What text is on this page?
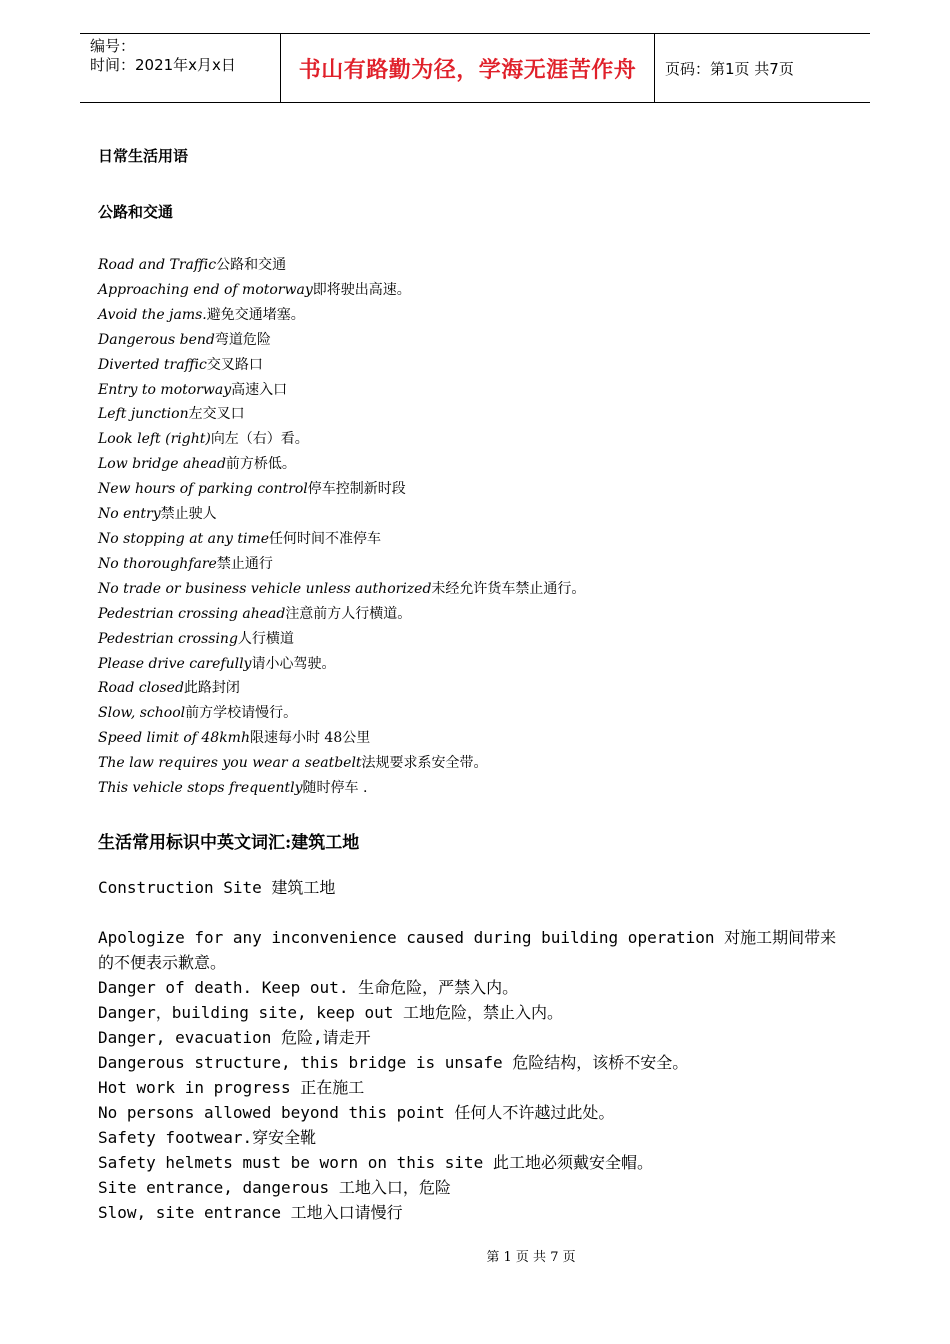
编号：
时间：2021年x月x日	书山有路勤为径，学海无涯苦作舟	页码：第1页 共7页

日常生活用语

公路和交通

Road and Traffic公路和交通
Approaching end of motorway即将驶出高速。
Avoid the jams.避免交通堵塞。
Dangerous bend弯道危险
Diverted traffic交叉路口
Entry to motorway高速入口
Left junction左交叉口
Look left (right)向左（右）看。
Low bridge ahead前方桥低。
New hours of parking control停车控制新时段
No entry禁止驶人
No stopping at any time任何时间不准停车
No thoroughfare禁止通行
No trade or business vehicle unless authorized未经允许货车禁止通行。
Pedestrian crossing ahead注意前方人行横道。
Pedestrian crossing人行横道
Please drive carefully请小心驾驶。
Road closed此路封闭
Slow, school前方学校请慢行。
Speed limit of 48kmh限速每小时 48公里
The law requires you wear a seatbelt法规要求系安全带。
This vehicle stops frequently随时停车 .

生活常用标识中英文词汇:建筑工地

Construction Site 建筑工地
Apologize for any inconvenience caused during building operation 对施工期间带来的不便表示歉意。
Danger of death. Keep out. 生命危险，严禁入内。
Danger，building site, keep out 工地危险，禁止入内。
Danger, evacuation 危险,请走开
Dangerous structure, this bridge is unsafe 危险结构，该桥不安全。
Hot work in progress 正在施工
No persons allowed beyond this point 任何人不许越过此处。
Safety footwear.穿安全靴
Safety helmets must be worn on this site 此工地必须戴安全帽。
Site entrance, dangerous 工地入口，危险
Slow, site entrance 工地入口请慢行
第 1 页 共 7 页
